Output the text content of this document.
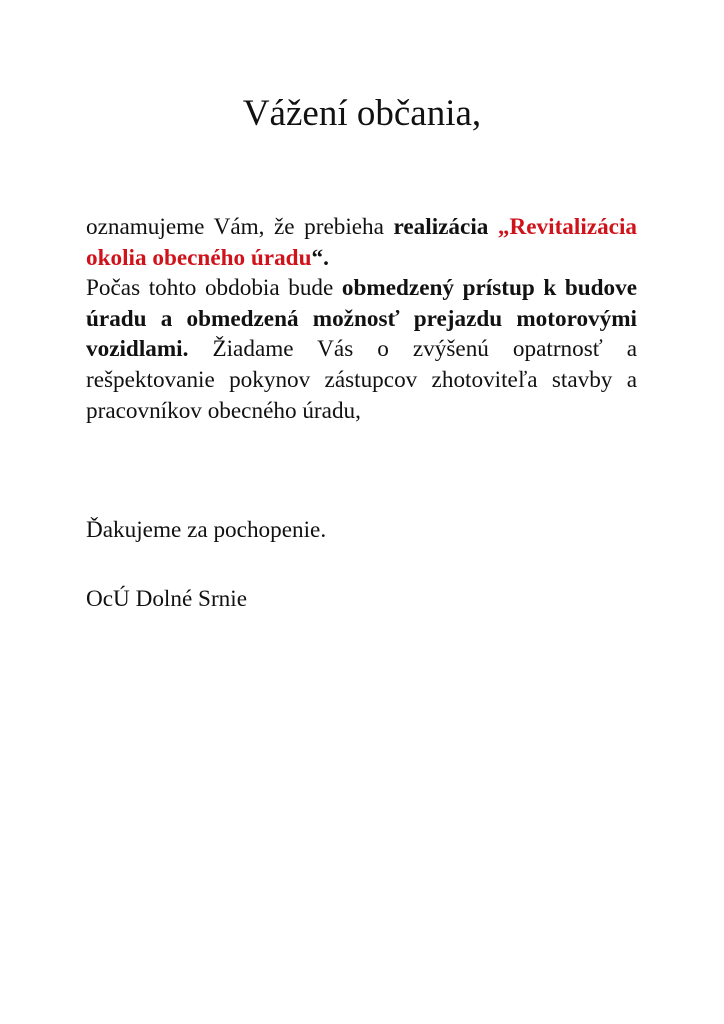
Vážení občania,

oznamujeme Vám, že prebieha realizácia „Revitalizácia okolia obecného úradu“.
Počas tohto obdobia bude obmedzený prístup k budove úradu a obmedzená možnosť prejazdu motorovými vozidlami. Žiadame Vás o zvýšenú opatrnosť a rešpektovanie pokynov zástupcov zhotoviteľa stavby a pracovníkov obecného úradu,

Ďakujeme za pochopenie.

OcÚ Dolné Srnie
